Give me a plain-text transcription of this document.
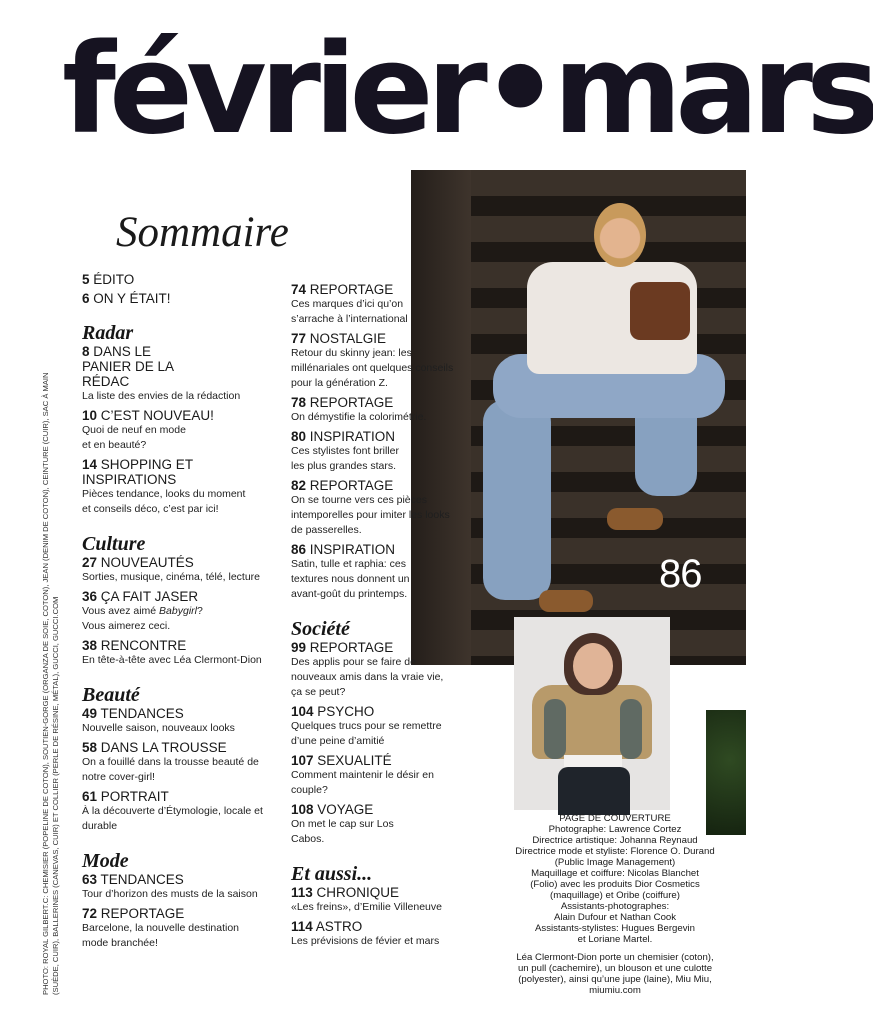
février•mars
86
Sommaire
5 ÉDITO
6 ON Y ÉTAIT!
Radar
8 DANS LE PANIER DE LA RÉDAC
La liste des envies de la rédaction
10 C’EST NOUVEAU!
Quoi de neuf en mode et en beauté?
14 SHOPPING ET INSPIRATIONS
Pièces tendance, looks du moment et conseils déco, c’est par ici!
Culture
27 NOUVEAUTÉS
Sorties, musique, cinéma, télé, lecture
36 ÇA FAIT JASER
Vous avez aimé Babygirl? Vous aimerez ceci.
38 RENCONTRE
En tête-à-tête avec Léa Clermont-Dion
Beauté
49 TENDANCES
Nouvelle saison, nouveaux looks
58 DANS LA TROUSSE
On a fouillé dans la trousse beauté de notre cover-girl!
61 PORTRAIT
À la découverte d’Étymologie, locale et durable
Mode
63 TENDANCES
Tour d’horizon des musts de la saison
72 REPORTAGE
Barcelone, la nouvelle destination mode branchée!
74 REPORTAGE
Ces marques d’ici qu’on s’arrache à l’international
77 NOSTALGIE
Retour du skinny jean: les millénariales ont quelques conseils pour la génération Z.
78 REPORTAGE
On démystifie la colorimétrie.
80 INSPIRATION
Ces stylistes font briller les plus grandes stars.
82 REPORTAGE
On se tourne vers ces pièces intemporelles pour imiter les looks de passerelles.
86 INSPIRATION
Satin, tulle et raphia: ces textures nous donnent un avant-goût du printemps.
Société
99 REPORTAGE
Des applis pour se faire de nouveaux amis dans la vraie vie, ça se peut?
104 PSYCHO
Quelques trucs pour se remettre d’une peine d’amitié
107 SEXUALITÉ
Comment maintenir le désir en couple?
108 VOYAGE
On met le cap sur Los Cabos.
Et aussi...
113 CHRONIQUE
«Les freins», d’Emilie Villeneuve
114 ASTRO
Les prévisions de févier et mars
PHOTO: ROYAL GILBERT.C: CHEMISIER (POPELINE DE COTON), SOUTIEN-GORGE (ORGANZA DE SOIE, COTON), JEAN (DENIM DE COTON), CEINTURE (CUIR), SAC À MAIN (SUÈDE, CUIR), BALLERINES (CANEVAS, CUIR) ET COLLIER (PERLE DE RÉSINE, MÉTAL), GUCCI, GUCCI.COM	PAGE DE COUVERTURE
Photographe: Lawrence Cortez
Directrice artistique: Johanna Reynaud
Directrice mode et styliste: Florence O. Durand
(Public Image Management)
Maquillage et coiffure: Nicolas Blanchet
(Folio) avec les produits Dior Cosmetics
(maquillage) et Oribe (coiffure)
Assistants-photographes:
Alain Dufour et Nathan Cook
Assistants-stylistes: Hugues Bergevin
et Loriane Martel.
Léa Clermont-Dion porte un chemisier (coton),
un pull (cachemire), un blouson et une culotte
(polyester), ainsi qu’une jupe (laine), Miu Miu,
miumiu.com
